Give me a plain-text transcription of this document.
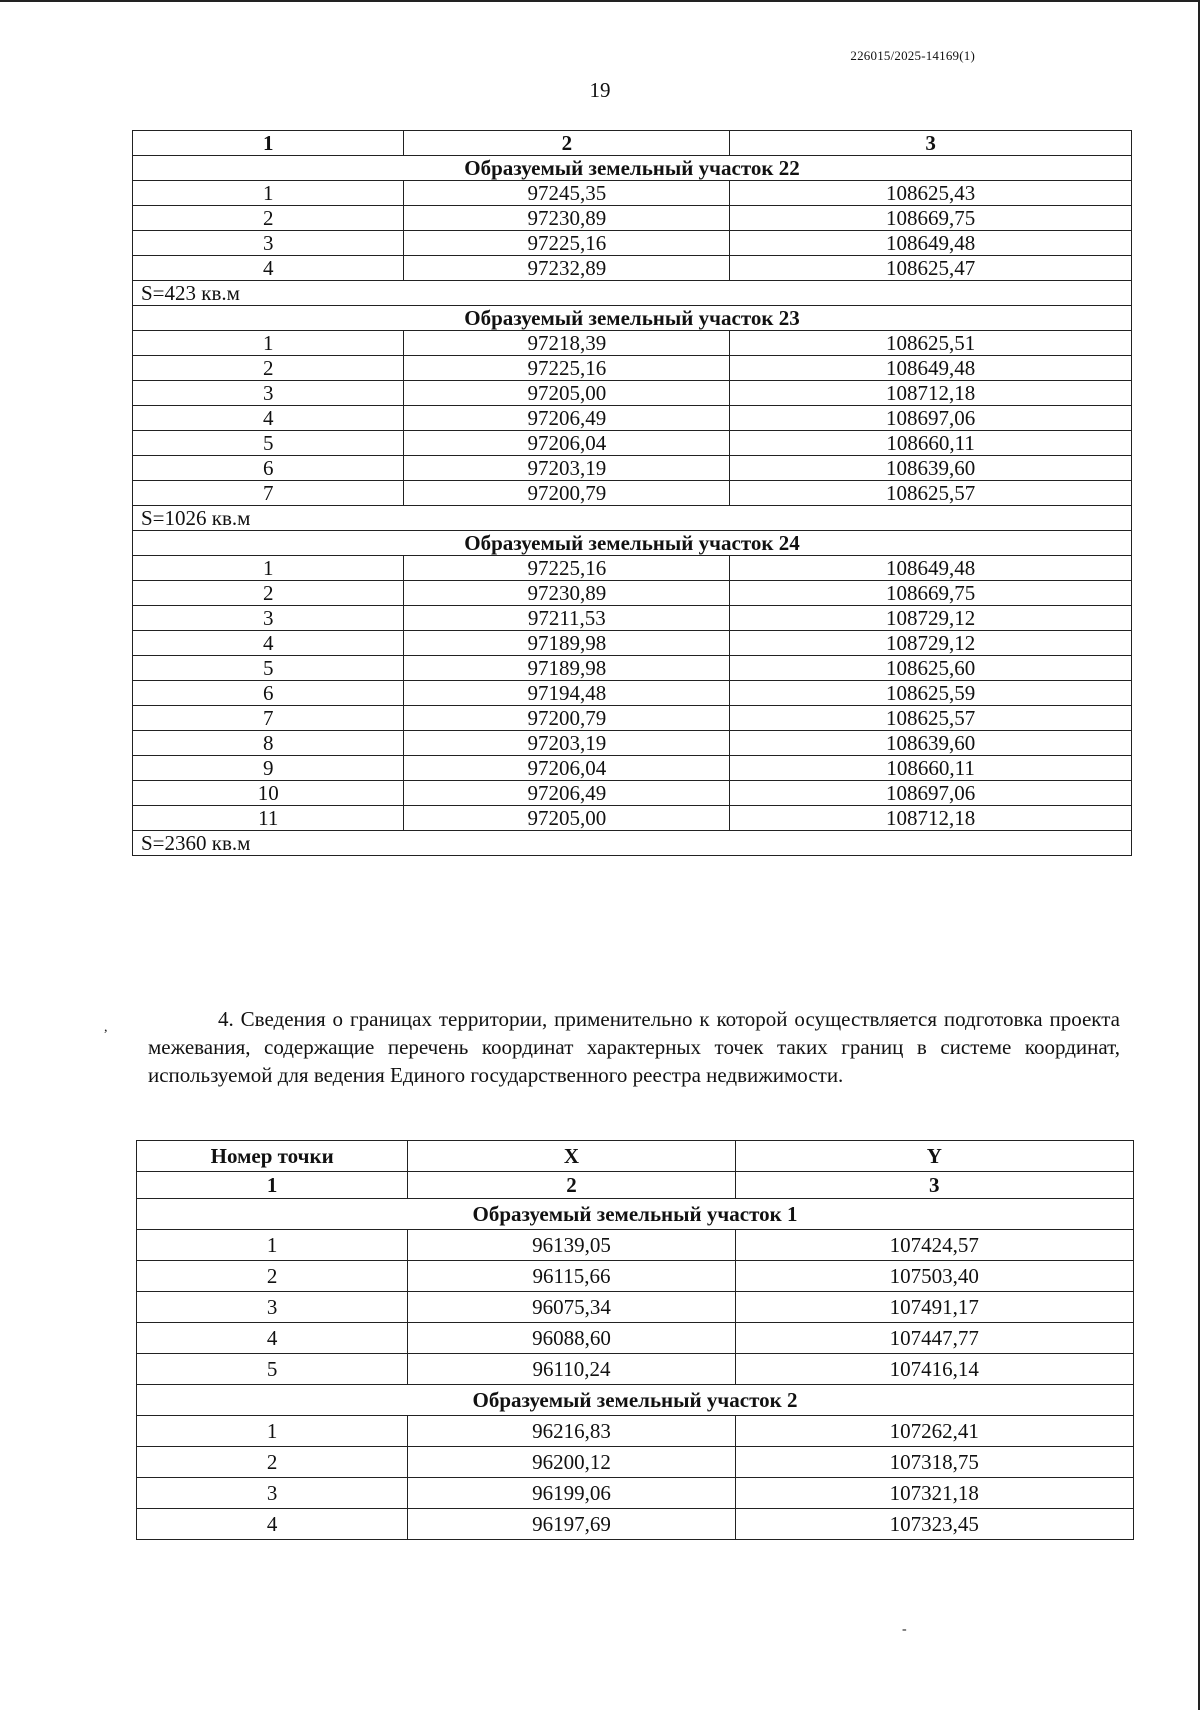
226015/2025-14169(1)
19
1	2	3
Образуемый земельный участок 22		
1	97245,35	108625,43
2	97230,89	108669,75
3	97225,16	108649,48
4	97232,89	108625,47
S=423 кв.м		
Образуемый земельный участок 23		
1	97218,39	108625,51
2	97225,16	108649,48
3	97205,00	108712,18
4	97206,49	108697,06
5	97206,04	108660,11
6	97203,19	108639,60
7	97200,79	108625,57
S=1026 кв.м		
Образуемый земельный участок 24		
1	97225,16	108649,48
2	97230,89	108669,75
3	97211,53	108729,12
4	97189,98	108729,12
5	97189,98	108625,60
6	97194,48	108625,59
7	97200,79	108625,57
8	97203,19	108639,60
9	97206,04	108660,11
10	97206,49	108697,06
11	97205,00	108712,18
S=2360 кв.м		
4. Сведения о границах территории, применительно к которой осуществляется подготовка проекта межевания, содержащие перечень координат характерных точек таких границ в системе координат, используемой для ведения Единого государственного реестра недвижимости.
Номер точки	X	Y
1	2	3
Образуемый земельный участок 1		
1	96139,05	107424,57
2	96115,66	107503,40
3	96075,34	107491,17
4	96088,60	107447,77
5	96110,24	107416,14
Образуемый земельный участок 2		
1	96216,83	107262,41
2	96200,12	107318,75
3	96199,06	107321,18
4	96197,69	107323,45
,
-
